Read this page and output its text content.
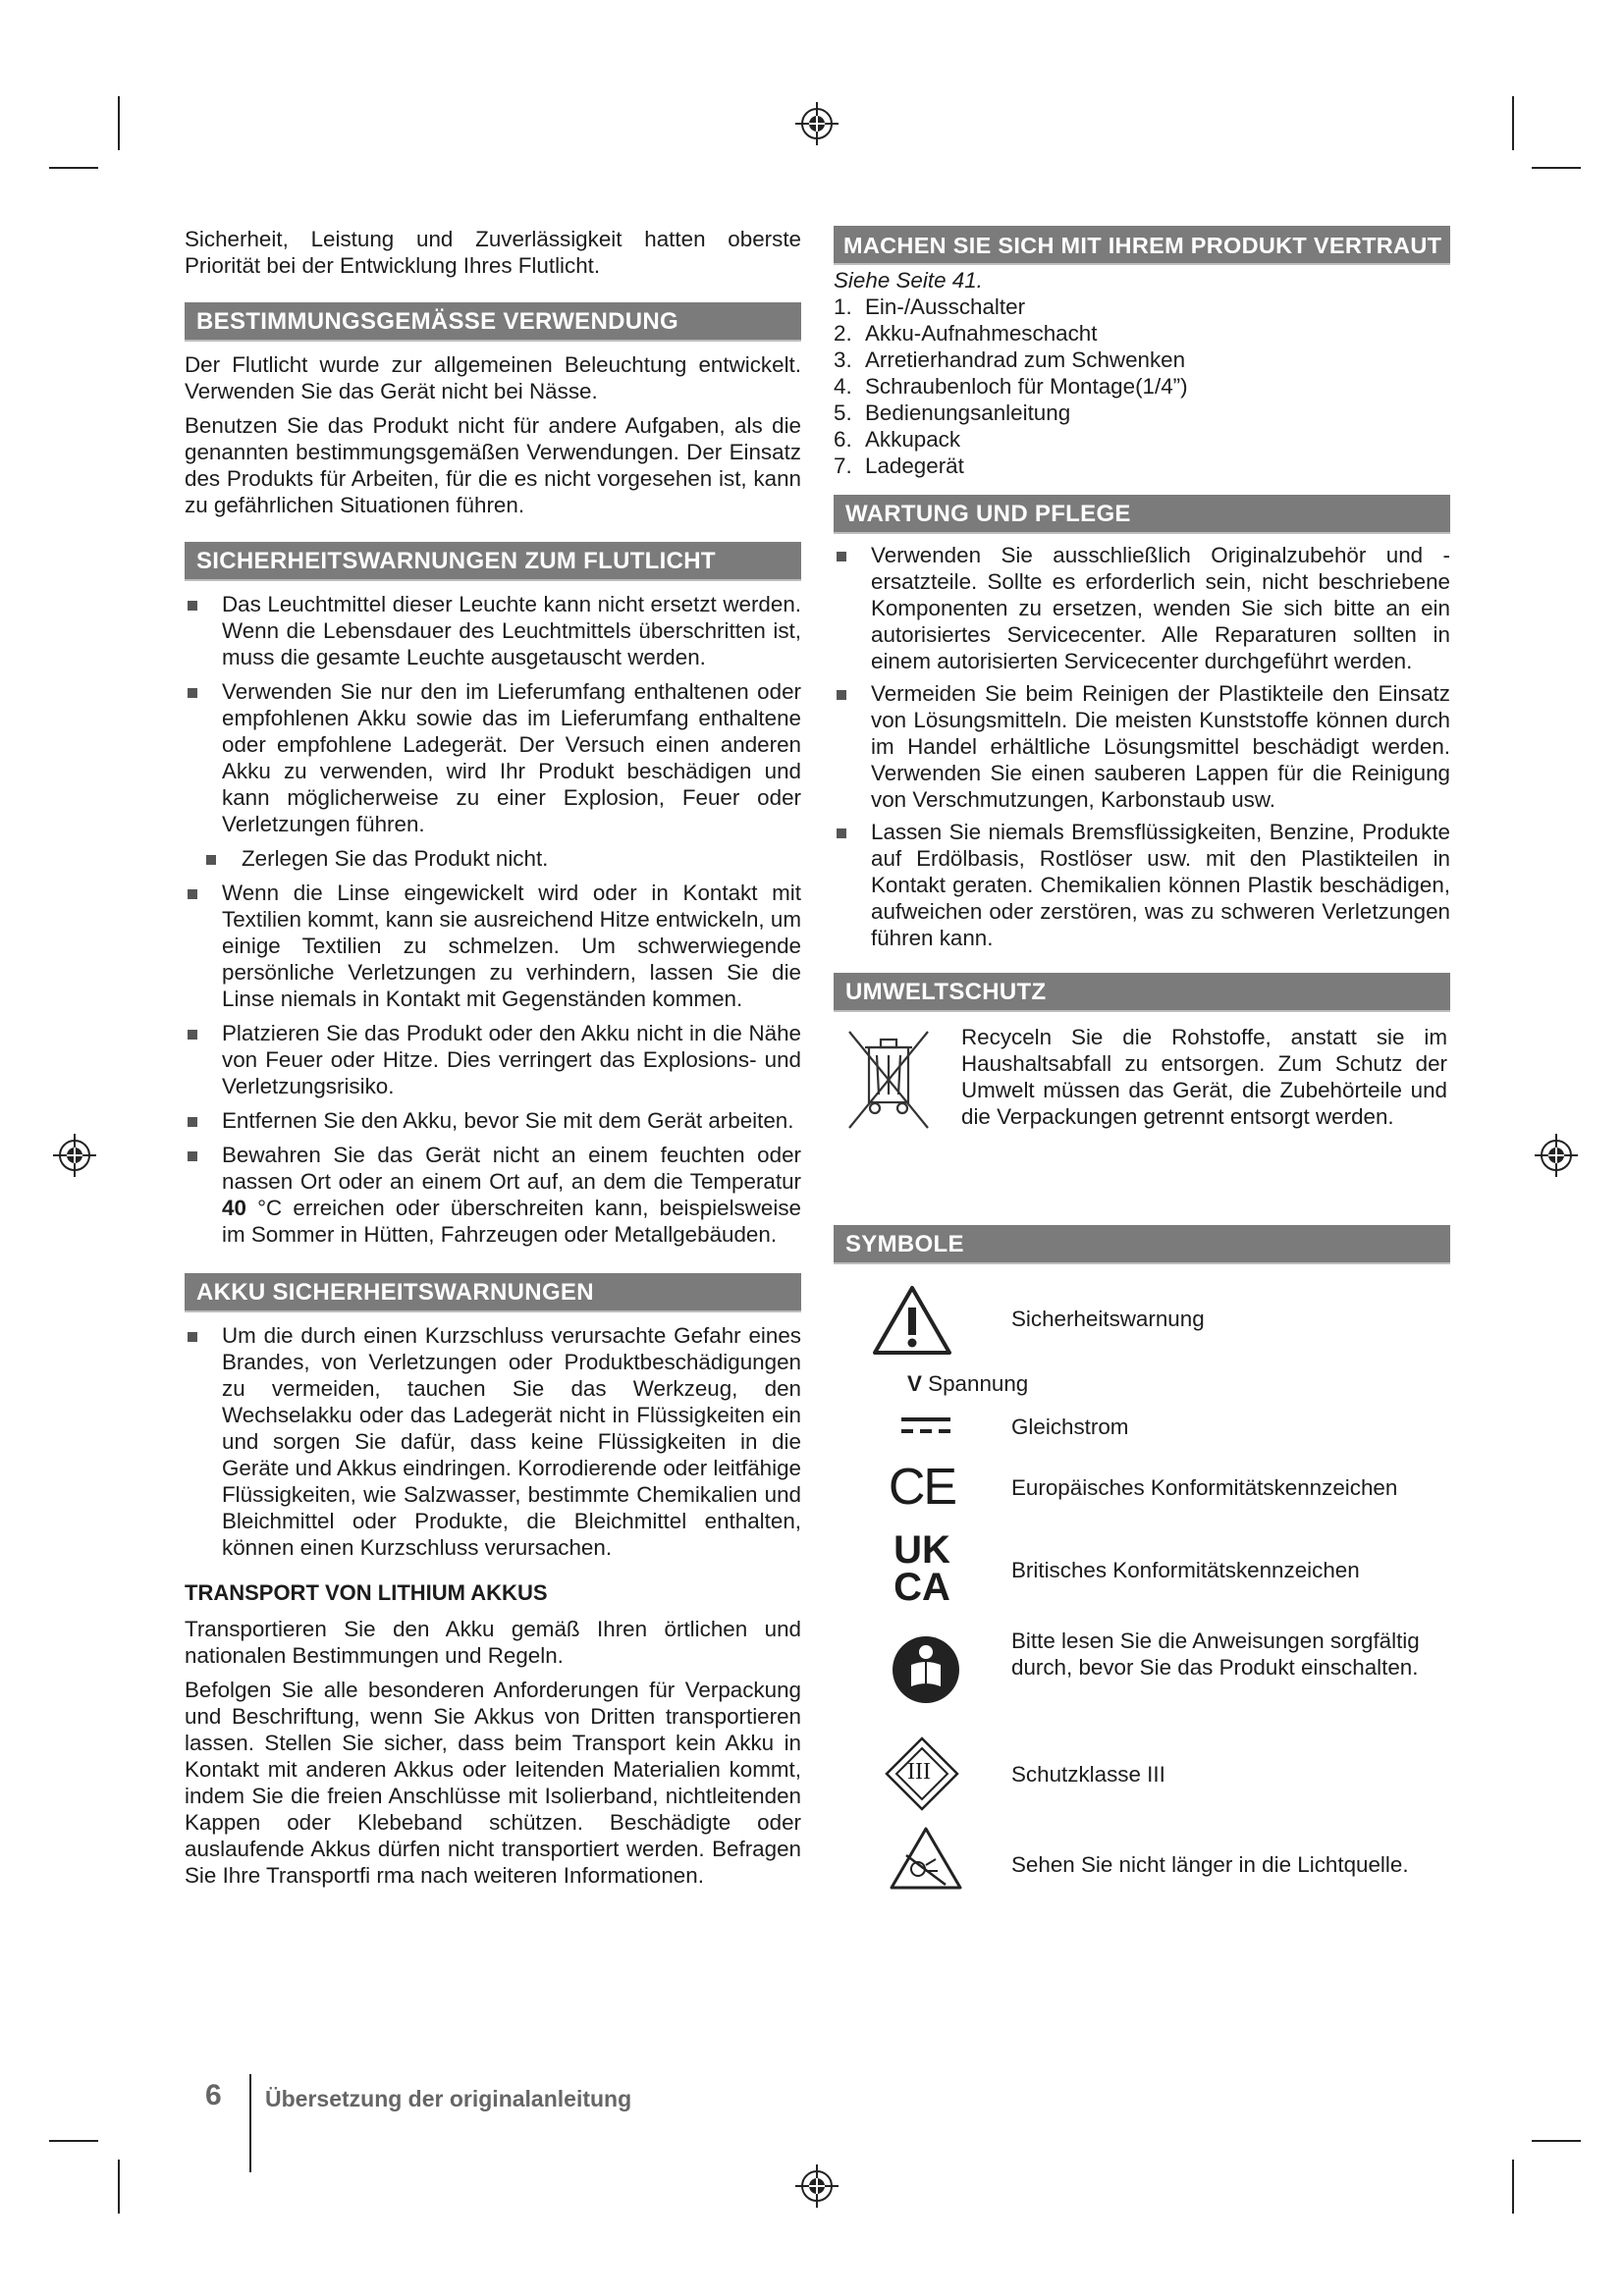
Sicherheit, Leistung und Zuverlässigkeit hatten oberste Priorität bei der Entwicklung Ihres Flutlicht.

BESTIMMUNGSGEMÄSSE VERWENDUNG

Der Flutlicht wurde zur allgemeinen Beleuchtung entwickelt. Verwenden Sie das Gerät nicht bei Nässe.

Benutzen Sie das Produkt nicht für andere Aufgaben, als die genannten bestimmungsgemäßen Verwendungen. Der Einsatz des Produkts für Arbeiten, für die es nicht vorgesehen ist, kann zu gefährlichen Situationen führen.

SICHERHEITSWARNUNGEN ZUM FLUTLICHT
Das Leuchtmittel dieser Leuchte kann nicht ersetzt werden. Wenn die Lebensdauer des Leuchtmittels überschritten ist, muss die gesamte Leuchte ausgetauscht werden.
Verwenden Sie nur den im Lieferumfang enthaltenen oder empfohlenen Akku sowie das im Lieferumfang enthaltene oder empfohlene Ladegerät. Der Versuch einen anderen Akku zu verwenden, wird Ihr Produkt beschädigen und kann möglicherweise zu einer Explosion, Feuer oder Verletzungen führen.
Zerlegen Sie das Produkt nicht.
Wenn die Linse eingewickelt wird oder in Kontakt mit Textilien kommt, kann sie ausreichend Hitze entwickeln, um einige Textilien zu schmelzen. Um schwerwiegende persönliche Verletzungen zu verhindern, lassen Sie die Linse niemals in Kontakt mit Gegenständen kommen.
Platzieren Sie das Produkt oder den Akku nicht in die Nähe von Feuer oder Hitze. Dies verringert das Explosions- und Verletzungsrisiko.
Entfernen Sie den Akku, bevor Sie mit dem Gerät arbeiten.
Bewahren Sie das Gerät nicht an einem feuchten oder nassen Ort oder an einem Ort auf, an dem die Temperatur 40 °C erreichen oder überschreiten kann, beispielsweise im Sommer in Hütten, Fahrzeugen oder Metallgebäuden.
AKKU SICHERHEITSWARNUNGEN
Um die durch einen Kurzschluss verursachte Gefahr eines Brandes, von Verletzungen oder Produktbeschädigungen zu vermeiden, tauchen Sie das Werkzeug, den Wechselakku oder das Ladegerät nicht in Flüssigkeiten ein und sorgen Sie dafür, dass keine Flüssigkeiten in die Geräte und Akkus eindringen. Korrodierende oder leitfähige Flüssigkeiten, wie Salzwasser, bestimmte Chemikalien und Bleichmittel oder Produkte, die Bleichmittel enthalten, können einen Kurzschluss verursachen.

TRANSPORT VON LITHIUM AKKUS

Transportieren Sie den Akku gemäß Ihren örtlichen und nationalen Bestimmungen und Regeln.

Befolgen Sie alle besonderen Anforderungen für Verpackung und Beschriftung, wenn Sie Akkus von Dritten transportieren lassen. Stellen Sie sicher, dass beim Transport kein Akku in Kontakt mit anderen Akkus oder leitenden Materialien kommt, indem Sie die freien Anschlüsse mit Isolierband, nichtleitenden Kappen oder Klebeband schützen. Beschädigte oder auslaufende Akkus dürfen nicht transportiert werden. Befragen Sie Ihre Transportfi rma nach weiteren Informationen.

MACHEN SIE SICH MIT IHREM PRODUKT VERTRAUT

Siehe Seite 41.

1. Ein-/Ausschalter
2. Akku-Aufnahmeschacht
3. Arretierhandrad zum Schwenken
4. Schraubenloch für Montage(1/4”)
5. Bedienungsanleitung
6. Akkupack
7. Ladegerät
WARTUNG UND PFLEGE
Verwenden Sie ausschließlich Originalzubehör und -ersatzteile. Sollte es erforderlich sein, nicht beschriebene Komponenten zu ersetzen, wenden Sie sich bitte an ein autorisiertes Servicecenter. Alle Reparaturen sollten in einem autorisierten Servicecenter durchgeführt werden.
Vermeiden Sie beim Reinigen der Plastikteile den Einsatz von Lösungsmitteln. Die meisten Kunststoffe können durch im Handel erhältliche Lösungsmittel beschädigt werden. Verwenden Sie einen sauberen Lappen für die Reinigung von Verschmutzungen, Karbonstaub usw.
Lassen Sie niemals Bremsflüssigkeiten, Benzine, Produkte auf Erdölbasis, Rostlöser usw. mit den Plastikteilen in Kontakt geraten. Chemikalien können Plastik beschädigen, aufweichen oder zerstören, was zu schweren Verletzungen führen kann.
UMWELTSCHUTZ

Recyceln Sie die Rohstoffe, anstatt sie im Haushaltsabfall zu entsorgen. Zum Schutz der Umwelt müssen das Gerät, die Zubehörteile und die Verpackungen getrennt entsorgt werden.

SYMBOLE
Sicherheitswarnung
V Spannung
Gleichstrom
CE	Europäisches Konformitätskennzeichen
UK
CA	Britisches Konformitätskennzeichen
Bitte lesen Sie die Anweisungen sorgfältig durch, bevor Sie das Produkt einschalten.
III	Schutzklasse III
Sehen Sie nicht länger in die Lichtquelle.
6 Übersetzung der originalanleitung
